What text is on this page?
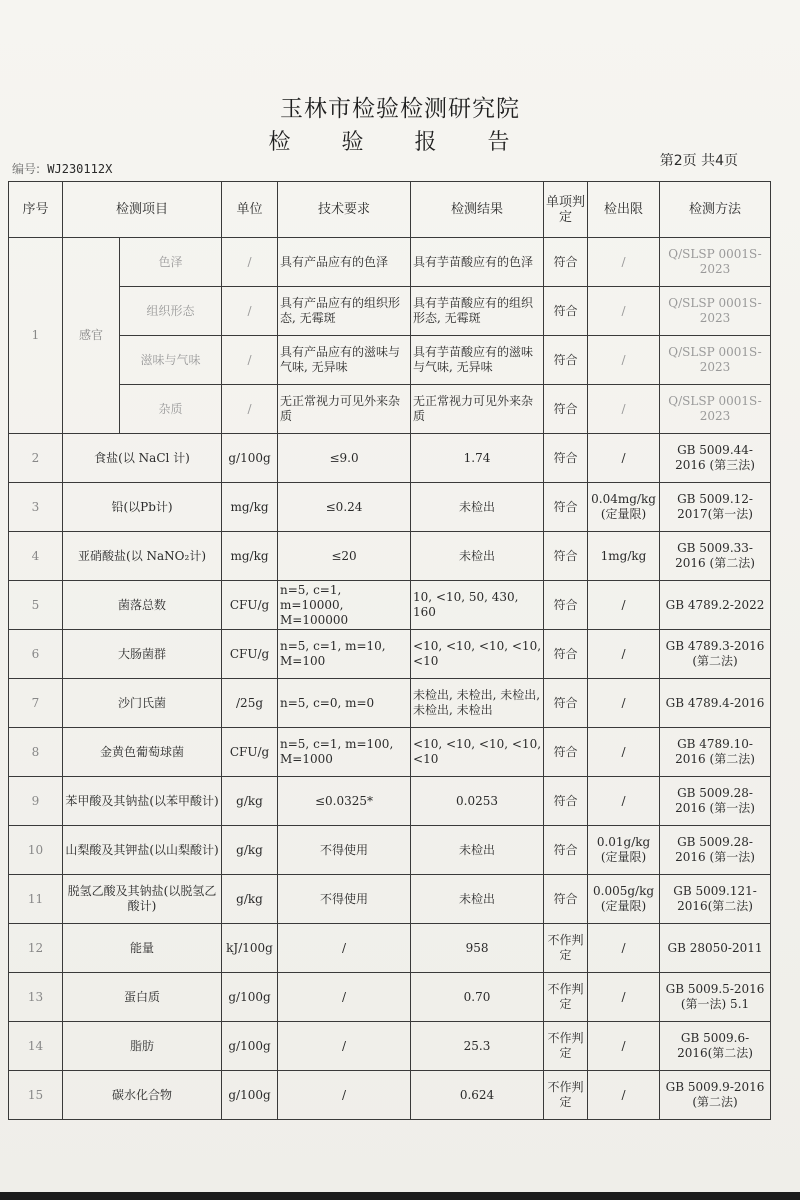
玉林市检验检测研究院
检 验 报 告
编号: WJ230112X	第2页 共4页
序号	检测项目		单位	技术要求	检测结果	单项判定	检出限	检测方法
1	感官	色泽	/	具有产品应有的色泽	具有芋苗酸应有的色泽	符合	/	Q/SLSP 0001S-2023
		组织形态	/	具有产品应有的组织形态, 无霉斑	具有芋苗酸应有的组织形态, 无霉斑	符合	/	Q/SLSP 0001S-2023
		滋味与气味	/	具有产品应有的滋味与气味, 无异味	具有芋苗酸应有的滋味与气味, 无异味	符合	/	Q/SLSP 0001S-2023
		杂质	/	无正常视力可见外来杂质	无正常视力可见外来杂质	符合	/	Q/SLSP 0001S-2023
2	食盐(以 NaCl 计)		g/100g	≤9.0	1.74	符合	/	GB 5009.44-2016 (第三法)
3	铅(以Pb计)		mg/kg	≤0.24	未检出	符合	0.04mg/kg (定量限)	GB 5009.12-2017(第一法)
4	亚硝酸盐(以 NaNO₂计)		mg/kg	≤20	未检出	符合	1mg/kg	GB 5009.33-2016 (第二法)
5	菌落总数		CFU/g	n=5, c=1, m=10000, M=100000	10, <10, 50, 430, 160	符合	/	GB 4789.2-2022
6	大肠菌群		CFU/g	n=5, c=1, m=10, M=100	<10, <10, <10, <10, <10	符合	/	GB 4789.3-2016 (第二法)
7	沙门氏菌		/25g	n=5, c=0, m=0	未检出, 未检出, 未检出, 未检出, 未检出	符合	/	GB 4789.4-2016
8	金黄色葡萄球菌		CFU/g	n=5, c=1, m=100, M=1000	<10, <10, <10, <10, <10	符合	/	GB 4789.10-2016 (第二法)
9	苯甲酸及其钠盐(以苯甲酸计)		g/kg	≤0.0325*	0.0253	符合	/	GB 5009.28-2016 (第一法)
10	山梨酸及其钾盐(以山梨酸计)		g/kg	不得使用	未检出	符合	0.01g/kg (定量限)	GB 5009.28-2016 (第一法)
11	脱氢乙酸及其钠盐(以脱氢乙酸计)		g/kg	不得使用	未检出	符合	0.005g/kg (定量限)	GB 5009.121-2016(第二法)
12	能量		kJ/100g	/	958	不作判定	/	GB 28050-2011
13	蛋白质		g/100g	/	0.70	不作判定	/	GB 5009.5-2016 (第一法) 5.1
14	脂肪		g/100g	/	25.3	不作判定	/	GB 5009.6-2016(第二法)
15	碳水化合物		g/100g	/	0.624	不作判定	/	GB 5009.9-2016 (第二法)
